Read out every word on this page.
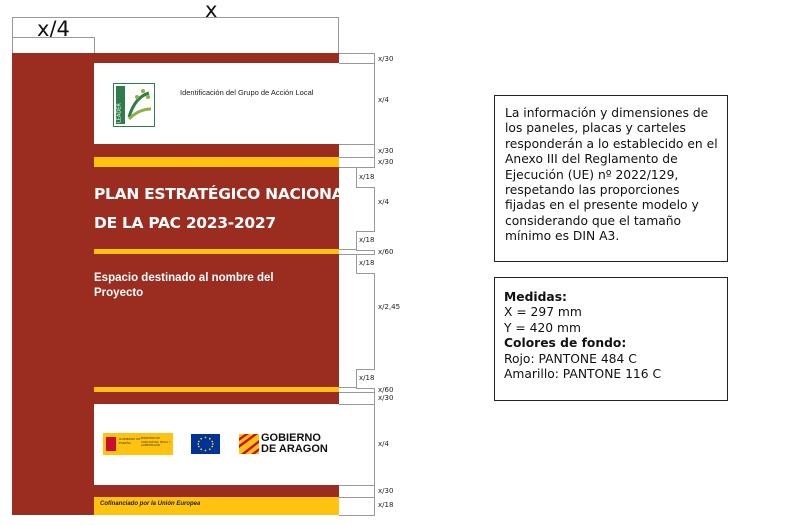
x
x/4
LEADER
Identificación del Grupo de Acción Local
PLAN ESTRATÉGICO NACIONAL
DE LA PAC 2023-2027
Espacio destinado al nombre del Proyecto
GOBIERNO DE ESPAÑA
MINISTERIO DE AGRICULTURA, PESCA Y ALIMENTACIÓN
GOBIERNO
DE ARAGON
Cofinanciado por la Unión Europea
x/30
x/4
x/30
x/30
x/4
x/60
x/2,45
x/60
x/30
x/4
x/30
x/18
x/18
x/18
x/18
x/18
La información y dimensiones de los paneles, placas y carteles responderán a lo establecido en el Anexo III del Reglamento de Ejecución (UE) nº 2022/129, respetando las proporciones fijadas en el presente modelo y considerando que el tamaño mínimo es DIN A3.
Medidas:
X = 297 mm
Y = 420 mm
Colores de fondo:
Rojo: PANTONE 484 C
Amarillo: PANTONE 116 C
